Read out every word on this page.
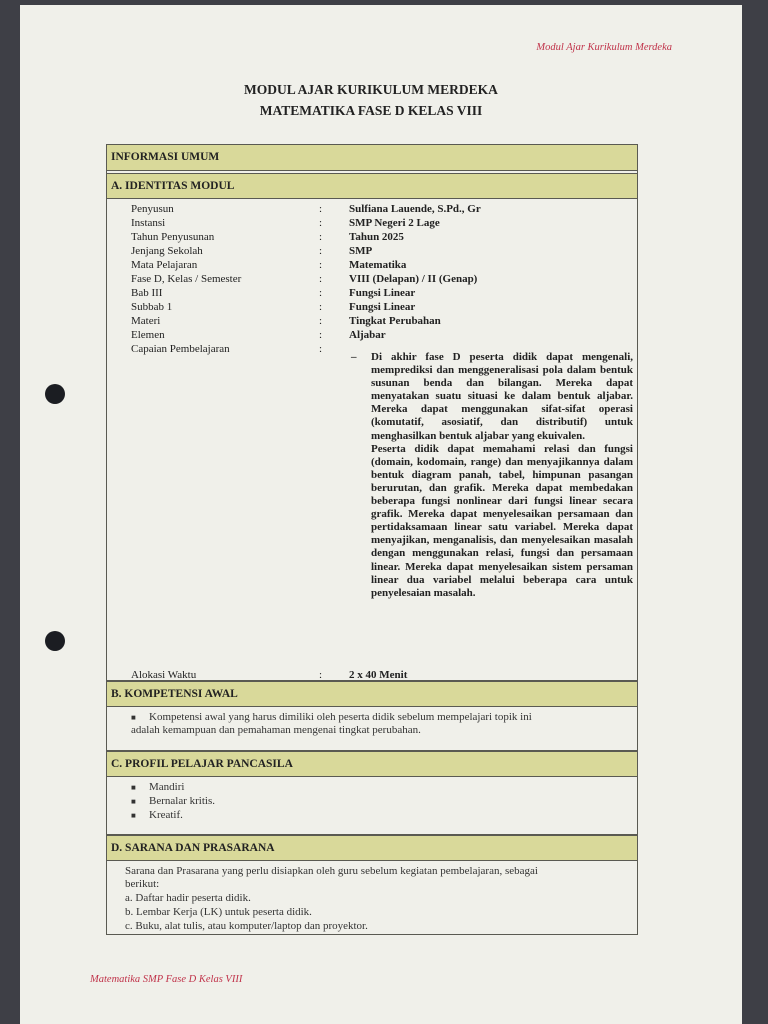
Modul Ajar Kurikulum Merdeka
MODUL AJAR KURIKULUM MERDEKA
MATEMATIKA FASE D KELAS VIII
INFORMASI UMUM
A. IDENTITAS MODUL
Penyusun	: Sulfiana Lauende, S.Pd., Gr
Instansi	: SMP Negeri 2 Lage
Tahun Penyusunan	: Tahun 2025
Jenjang Sekolah	: SMP
Mata Pelajaran	: Matematika
Fase D, Kelas / Semester	: VIII (Delapan) / II (Genap)
Bab III	: Fungsi Linear
Subbab 1	: Fungsi Linear
Materi	: Tingkat Perubahan
Elemen	: Aljabar
Capaian Pembelajaran	:
– Di akhir fase D peserta didik dapat mengenali, memprediksi dan menggeneralisasi pola dalam bentuk susunan benda dan bilangan. Mereka dapat menyatakan suatu situasi ke dalam bentuk aljabar. Mereka dapat menggunakan sifat-sifat operasi (komutatif, asosiatif, dan distributif) untuk menghasilkan bentuk aljabar yang ekuivalen.

Peserta didik dapat memahami relasi dan fungsi (domain, kodomain, range) dan menyajikannya dalam bentuk diagram panah, tabel, himpunan pasangan berurutan, dan grafik. Mereka dapat membedakan beberapa fungsi nonlinear dari fungsi linear secara grafik. Mereka dapat menyelesaikan persamaan dan pertidaksamaan linear satu variabel. Mereka dapat menyajikan, menganalisis, dan menyelesaikan masalah dengan menggunakan relasi, fungsi dan persamaan linear. Mereka dapat menyelesaikan sistem persaman linear dua variabel melalui beberapa cara untuk penyelesaian masalah.

Alokasi Waktu	: 2 x 40 Menit
B. KOMPETENSI AWAL
■ Kompetensi awal yang harus dimiliki oleh peserta didik sebelum mempelajari topik ini
adalah kemampuan dan pemahaman mengenai tingkat perubahan.
C. PROFIL PELAJAR PANCASILA
■ Mandiri
■ Bernalar kritis.
■ Kreatif.
D. SARANA DAN PRASARANA
Sarana dan Prasarana yang perlu disiapkan oleh guru sebelum kegiatan pembelajaran, sebagai
berikut:
a. Daftar hadir peserta didik.
b. Lembar Kerja (LK) untuk peserta didik.
c. Buku, alat tulis, atau komputer/laptop dan proyektor.
Matematika SMP Fase D Kelas VIII
